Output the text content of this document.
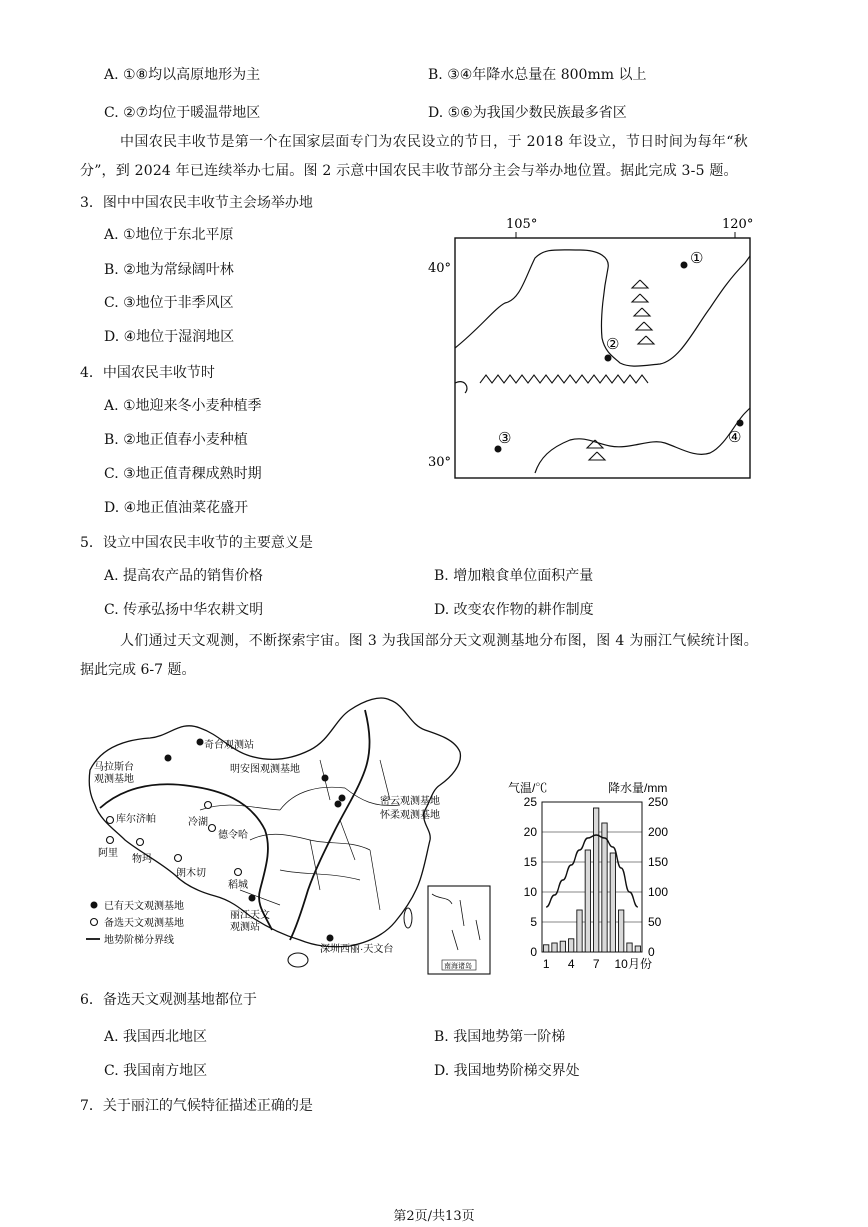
A. ①⑧均以高原地形为主	B. ③④年降水总量在 800mm 以上
C. ②⑦均位于暖温带地区	D. ⑤⑥为我国少数民族最多省区
中国农民丰收节是第一个在国家层面专门为农民设立的节日，于 2018 年设立，节日时间为每年“秋
分”，到 2024 年已连续举办七届。图 2 示意中国农民丰收节部分主会与举办地位置。据此完成 3-5 题。
3．图中中国农民丰收节主会场举办地
A. ①地位于东北平原
B. ②地为常绿阔叶林
C. ③地位于非季风区
D. ④地位于湿润地区
4．中国农民丰收节时
A. ①地迎来冬小麦种植季
B. ②地正值春小麦种植
C. ③地正值青稞成熟时期
D. ④地正值油菜花盛开
105°	120°
40°
30°
①
②
③	④
5．设立中国农民丰收节的主要意义是
A. 提高农产品的销售价格	B. 增加粮食单位面积产量
C. 传承弘扬中华农耕文明	D. 改变农作物的耕作制度
人们通过天文观测，不断探索宇宙。图 3 为我国部分天文观测基地分布图，图 4 为丽江气候统计图。
据此完成 6-7 题。
奇台观测站
马拉斯台
观测基地
明安图观测基地
密云观测基地
怀柔观测基地
丽江天文
观测站
深圳西丽·天文台
库尔济帕
阿里
物玛
朗木切
冷湖
德令哈
稻城
已有天文观测基地
备选天文观测基地
地势阶梯分界线
南海诸岛
气温/℃	降水量/mm
0	0
5	50
10	100
15	150
20	200
25	250
1 4 7 10 月份
6．备选天文观测基地都位于
A. 我国西北地区	B. 我国地势第一阶梯
C. 我国南方地区	D. 我国地势阶梯交界处
7．关于丽江的气候特征描述正确的是
第2页/共13页
